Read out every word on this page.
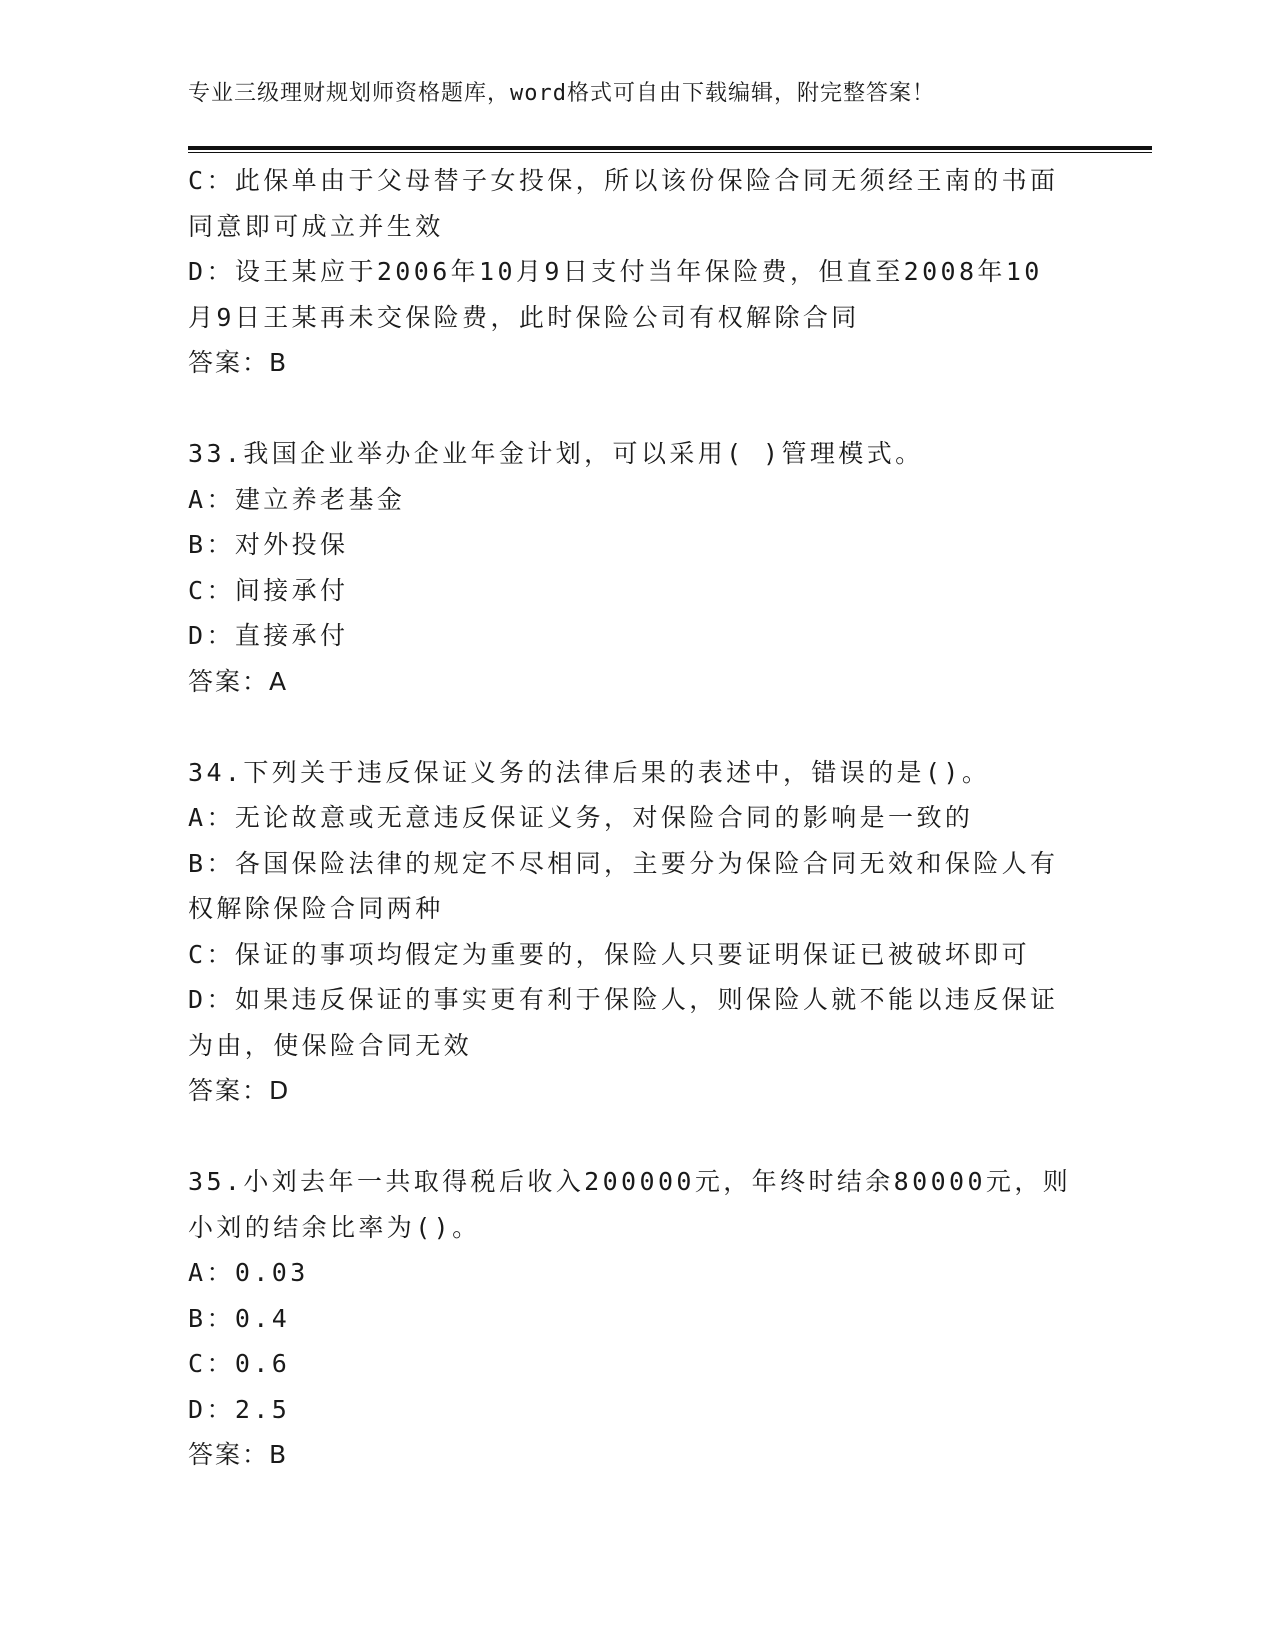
专业三级理财规划师资格题库，word格式可自由下载编辑，附完整答案！
C：此保单由于父母替子女投保，所以该份保险合同无须经王南的书面
同意即可成立并生效
D：设王某应于2006年10月9日支付当年保险费，但直至2008年10
月9日王某再未交保险费，此时保险公司有权解除合同
答案：B
33.我国企业举办企业年金计划，可以采用( )管理模式。
A：建立养老基金
B：对外投保
C：间接承付
D：直接承付
答案：A
34.下列关于违反保证义务的法律后果的表述中，错误的是()。
A：无论故意或无意违反保证义务，对保险合同的影响是一致的
B：各国保险法律的规定不尽相同，主要分为保险合同无效和保险人有
权解除保险合同两种
C：保证的事项均假定为重要的，保险人只要证明保证已被破坏即可
D：如果违反保证的事实更有利于保险人，则保险人就不能以违反保证
为由，使保险合同无效
答案：D
35.小刘去年一共取得税后收入200000元，年终时结余80000元，则
小刘的结余比率为()。
A：0.03
B：0.4
C：0.6
D：2.5
答案：B
